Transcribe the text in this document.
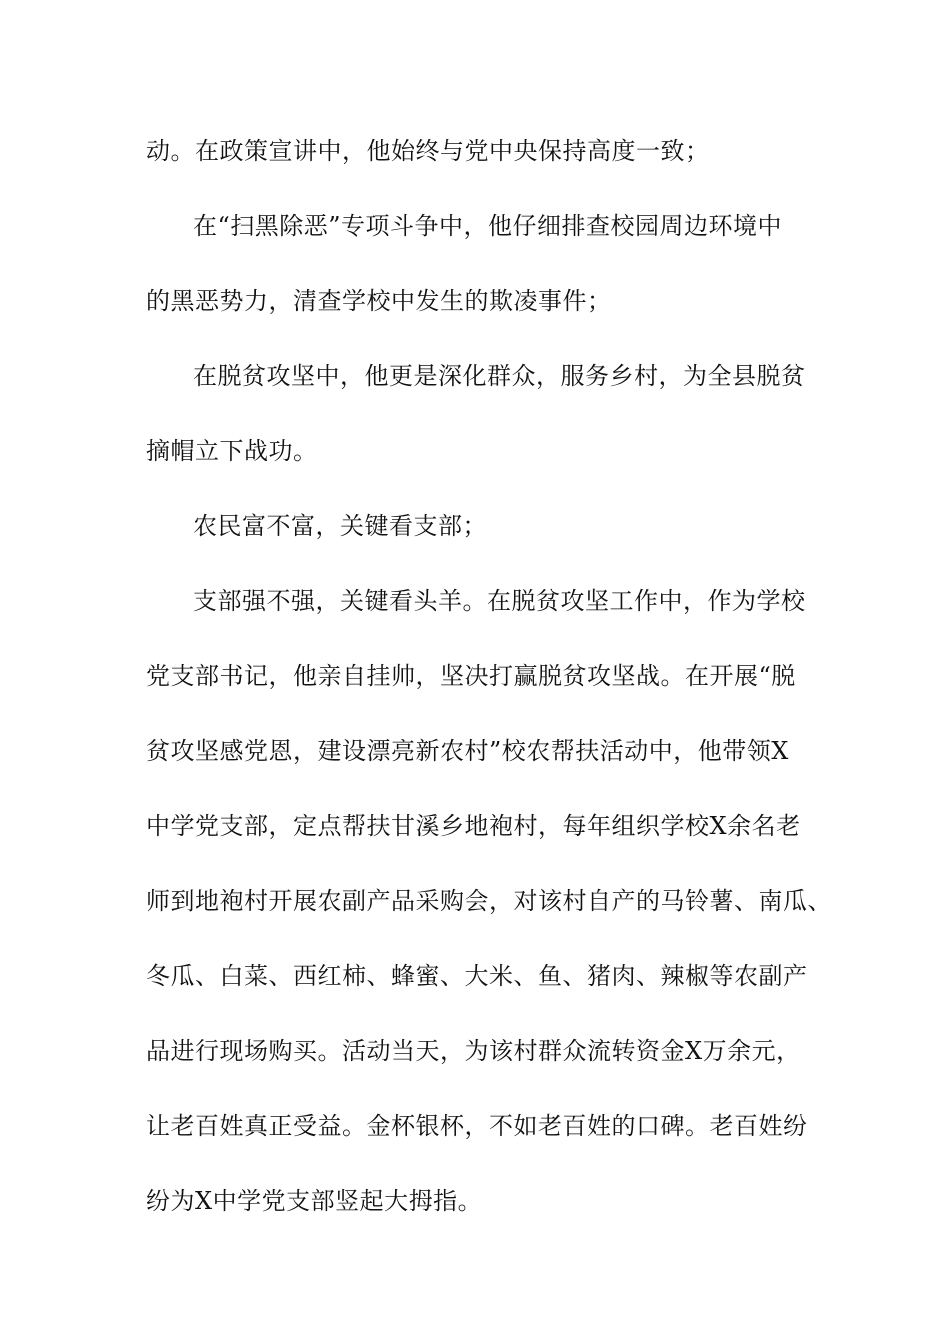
动。在政策宣讲中，他始终与党中央保持高度一致；

在“扫黑除恶”专项斗争中，他仔细排查校园周边环境中

的黑恶势力，清查学校中发生的欺凌事件；

在脱贫攻坚中，他更是深化群众，服务乡村，为全县脱贫

摘帽立下战功。

农民富不富，关键看支部；

支部强不强，关键看头羊。在脱贫攻坚工作中，作为学校

党支部书记，他亲自挂帅，坚决打赢脱贫攻坚战。在开展“脱

贫攻坚感党恩，建设漂亮新农村”校农帮扶活动中，他带领X

中学党支部，定点帮扶甘溪乡地袍村，每年组织学校X余名老

师到地袍村开展农副产品采购会，对该村自产的马铃薯、南瓜、

冬瓜、白菜、西红柿、蜂蜜、大米、鱼、猪肉、辣椒等农副产

品进行现场购买。活动当天，为该村群众流转资金X万余元，

让老百姓真正受益。金杯银杯，不如老百姓的口碑。老百姓纷

纷为X中学党支部竖起大拇指。
